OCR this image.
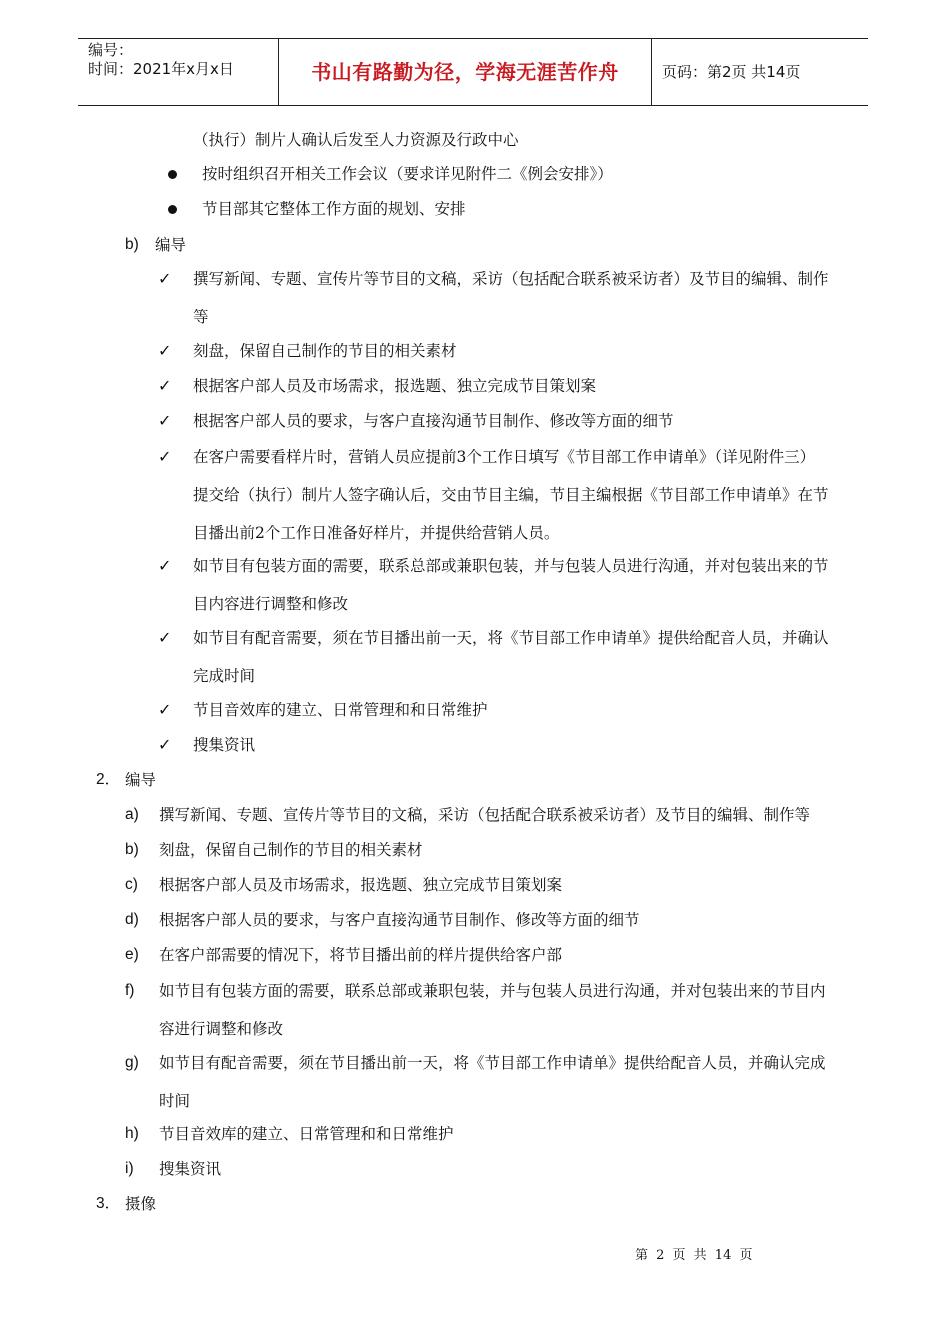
编号：
时间：2021年x月x日	书山有路勤为径，学海无涯苦作舟	页码：第2页 共14页
（执行）制片人确认后发至人力资源及行政中心
按时组织召开相关工作会议（要求详见附件二《例会安排》）
节目部其它整体工作方面的规划、安排
b) 编导
✓ 撰写新闻、专题、宣传片等节目的文稿，采访（包括配合联系被采访者）及节目的编辑、制作
等
✓ 刻盘，保留自己制作的节目的相关素材
✓ 根据客户部人员及市场需求，报选题、独立完成节目策划案
✓ 根据客户部人员的要求，与客户直接沟通节目制作、修改等方面的细节
✓ 在客户需要看样片时，营销人员应提前3个工作日填写《节目部工作申请单》（详见附件三）
提交给（执行）制片人签字确认后，交由节目主编，节目主编根据《节目部工作申请单》在节
目播出前2个工作日准备好样片，并提供给营销人员。
✓ 如节目有包装方面的需要，联系总部或兼职包装，并与包装人员进行沟通，并对包装出来的节
目内容进行调整和修改
✓ 如节目有配音需要，须在节目播出前一天，将《节目部工作申请单》提供给配音人员，并确认
完成时间
✓ 节目音效库的建立、日常管理和和日常维护
✓ 搜集资讯
2． 编导
a) 撰写新闻、专题、宣传片等节目的文稿，采访（包括配合联系被采访者）及节目的编辑、制作等
b) 刻盘，保留自己制作的节目的相关素材
c) 根据客户部人员及市场需求，报选题、独立完成节目策划案
d) 根据客户部人员的要求，与客户直接沟通节目制作、修改等方面的细节
e) 在客户部需要的情况下，将节目播出前的样片提供给客户部
f) 如节目有包装方面的需要，联系总部或兼职包装，并与包装人员进行沟通，并对包装出来的节目内
容进行调整和修改
g) 如节目有配音需要，须在节目播出前一天，将《节目部工作申请单》提供给配音人员，并确认完成
时间
h) 节目音效库的建立、日常管理和和日常维护
i) 搜集资讯
3． 摄像
第 2 页 共 14 页
